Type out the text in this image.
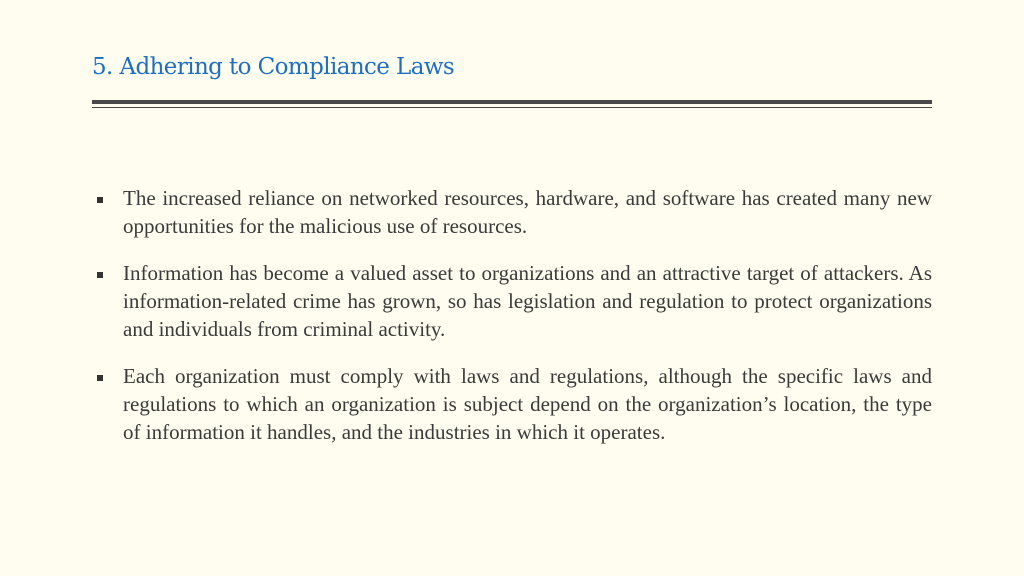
5. Adhering to Compliance Laws
The increased reliance on networked resources, hardware, and software has created many new opportunities for the malicious use of resources.
Information has become a valued asset to organizations and an attractive target of attackers. As information-related crime has grown, so has legislation and regulation to protect organizations and individuals from criminal activity.
Each organization must comply with laws and regulations, although the specific laws and regulations to which an organization is subject depend on the organization’s location, the type of information it handles, and the industries in which it operates.
